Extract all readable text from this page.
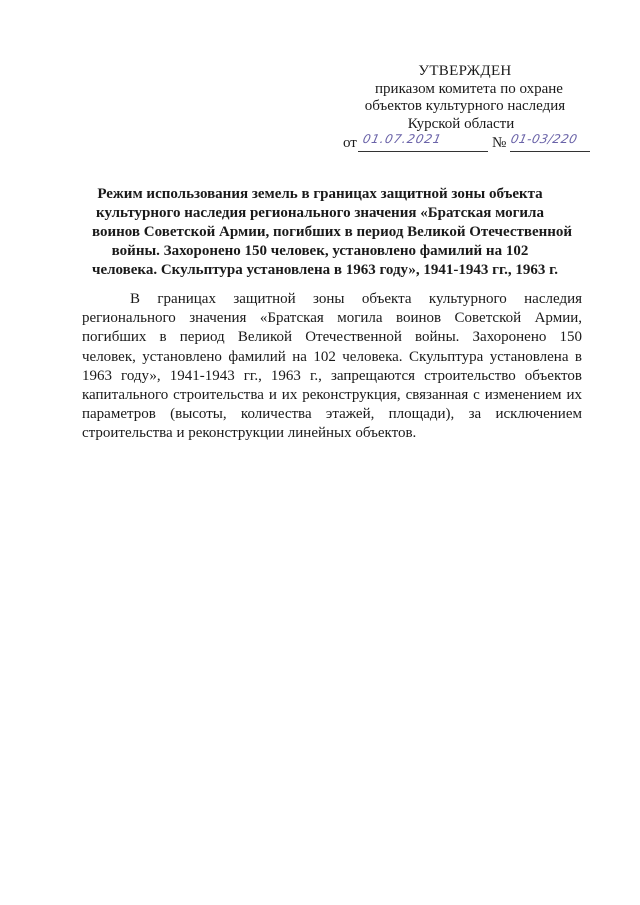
УТВЕРЖДЕН
приказом комитета по охране
объектов культурного наследия
Курской области
от 01.07.2021	№ 01-03/220
Режим использования земель в границах защитной зоны объекта
культурного наследия регионального значения «Братская могила
воинов Советской Армии, погибших в период Великой Отечественной
войны. Захоронено 150 человек, установлено фамилий на 102
человека. Скульптура установлена в 1963 году», 1941-1943 гг., 1963 г.
В границах защитной зоны объекта культурного наследия
регионального значения «Братская могила воинов Советской Армии,
погибших в период Великой Отечественной войны. Захоронено 150
человек, установлено фамилий на 102 человека. Скульптура установлена в
1963 году», 1941-1943 гг., 1963 г., запрещаются строительство объектов
капитального строительства и их реконструкция, связанная с изменением их
параметров (высоты, количества этажей, площади), за исключением
строительства и реконструкции линейных объектов.
